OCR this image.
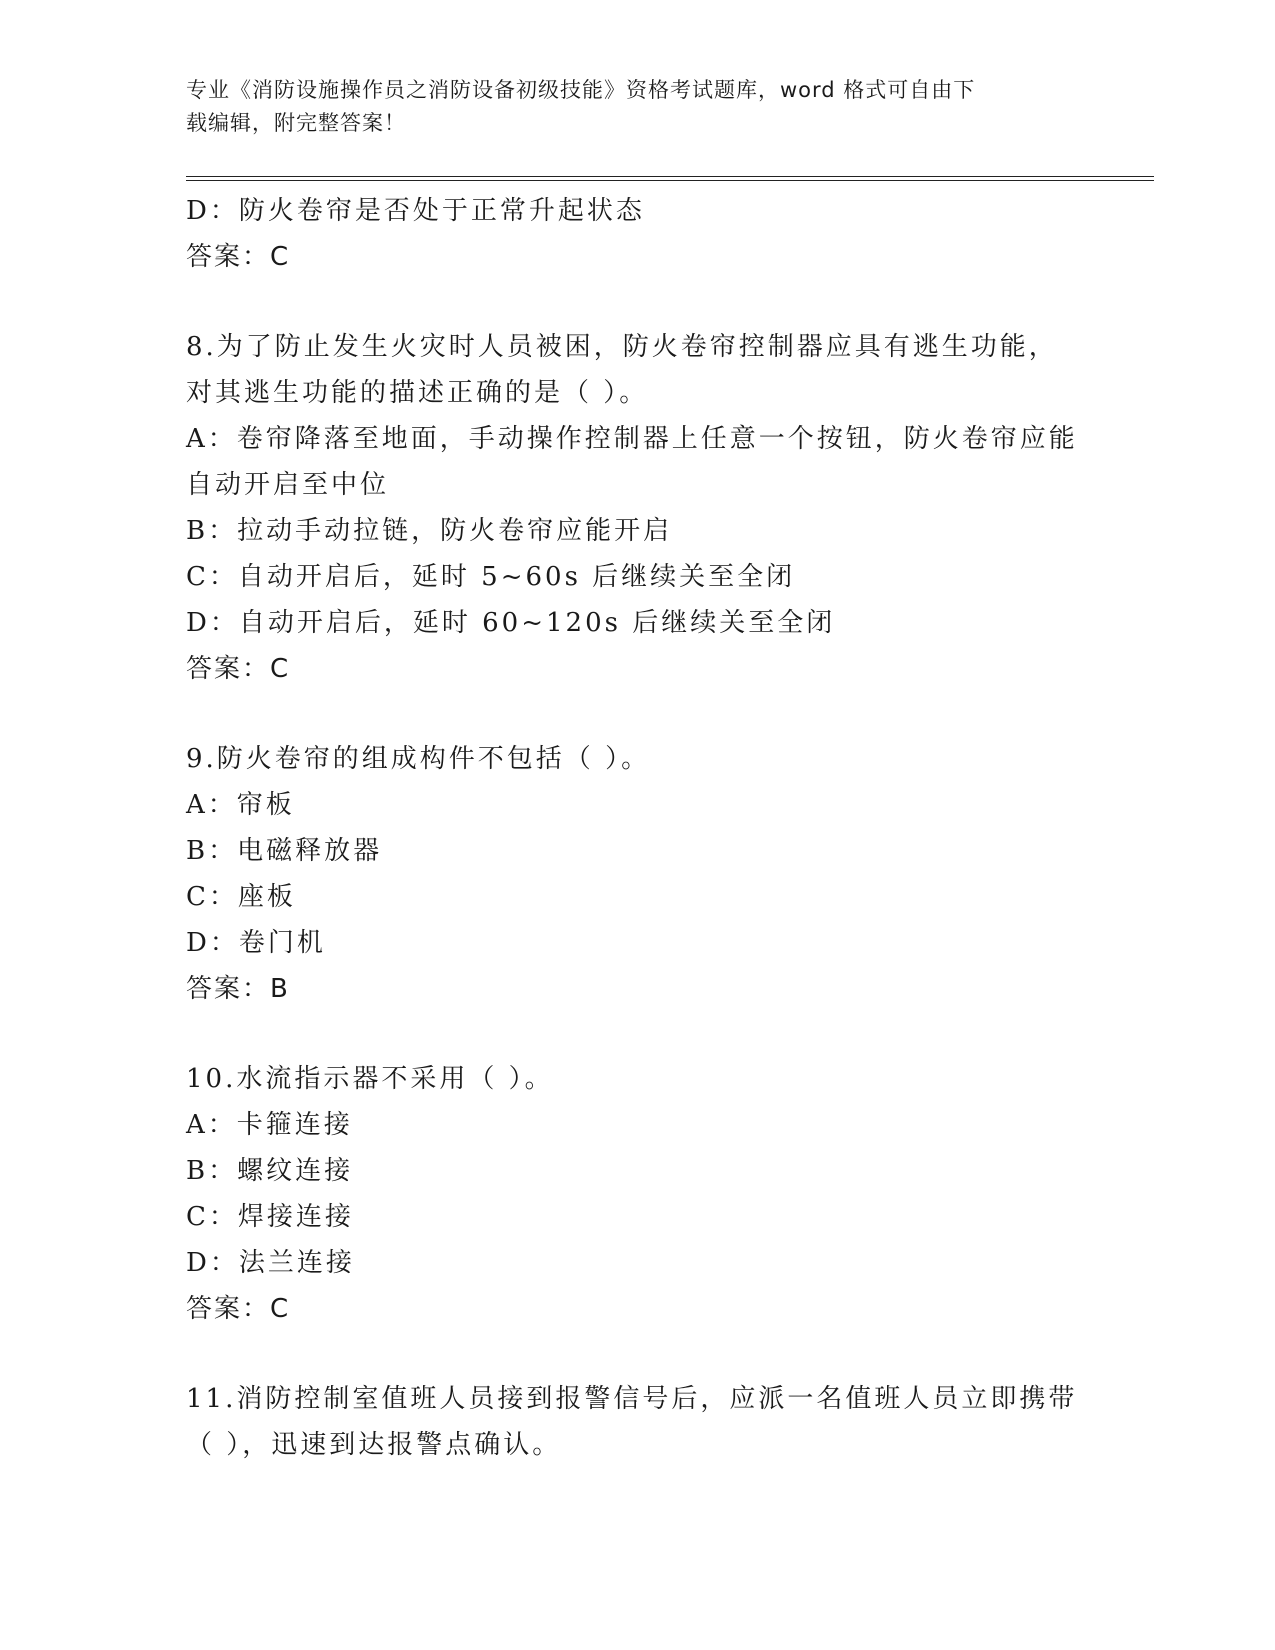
专业《消防设施操作员之消防设备初级技能》资格考试题库，word 格式可自由下
载编辑，附完整答案！
D：防火卷帘是否处于正常升起状态
答案：C
8.为了防止发生火灾时人员被困，防火卷帘控制器应具有逃生功能，
对其逃生功能的描述正确的是（ ）。
A：卷帘降落至地面，手动操作控制器上任意一个按钮，防火卷帘应能
自动开启至中位
B：拉动手动拉链，防火卷帘应能开启
C：自动开启后，延时 5~60s 后继续关至全闭
D：自动开启后，延时 60~120s 后继续关至全闭
答案：C
9.防火卷帘的组成构件不包括（ ）。
A：帘板
B：电磁释放器
C：座板
D：卷门机
答案：B
10.水流指示器不采用（ ）。
A：卡箍连接
B：螺纹连接
C：焊接连接
D：法兰连接
答案：C
11.消防控制室值班人员接到报警信号后，应派一名值班人员立即携带
（ ），迅速到达报警点确认。
